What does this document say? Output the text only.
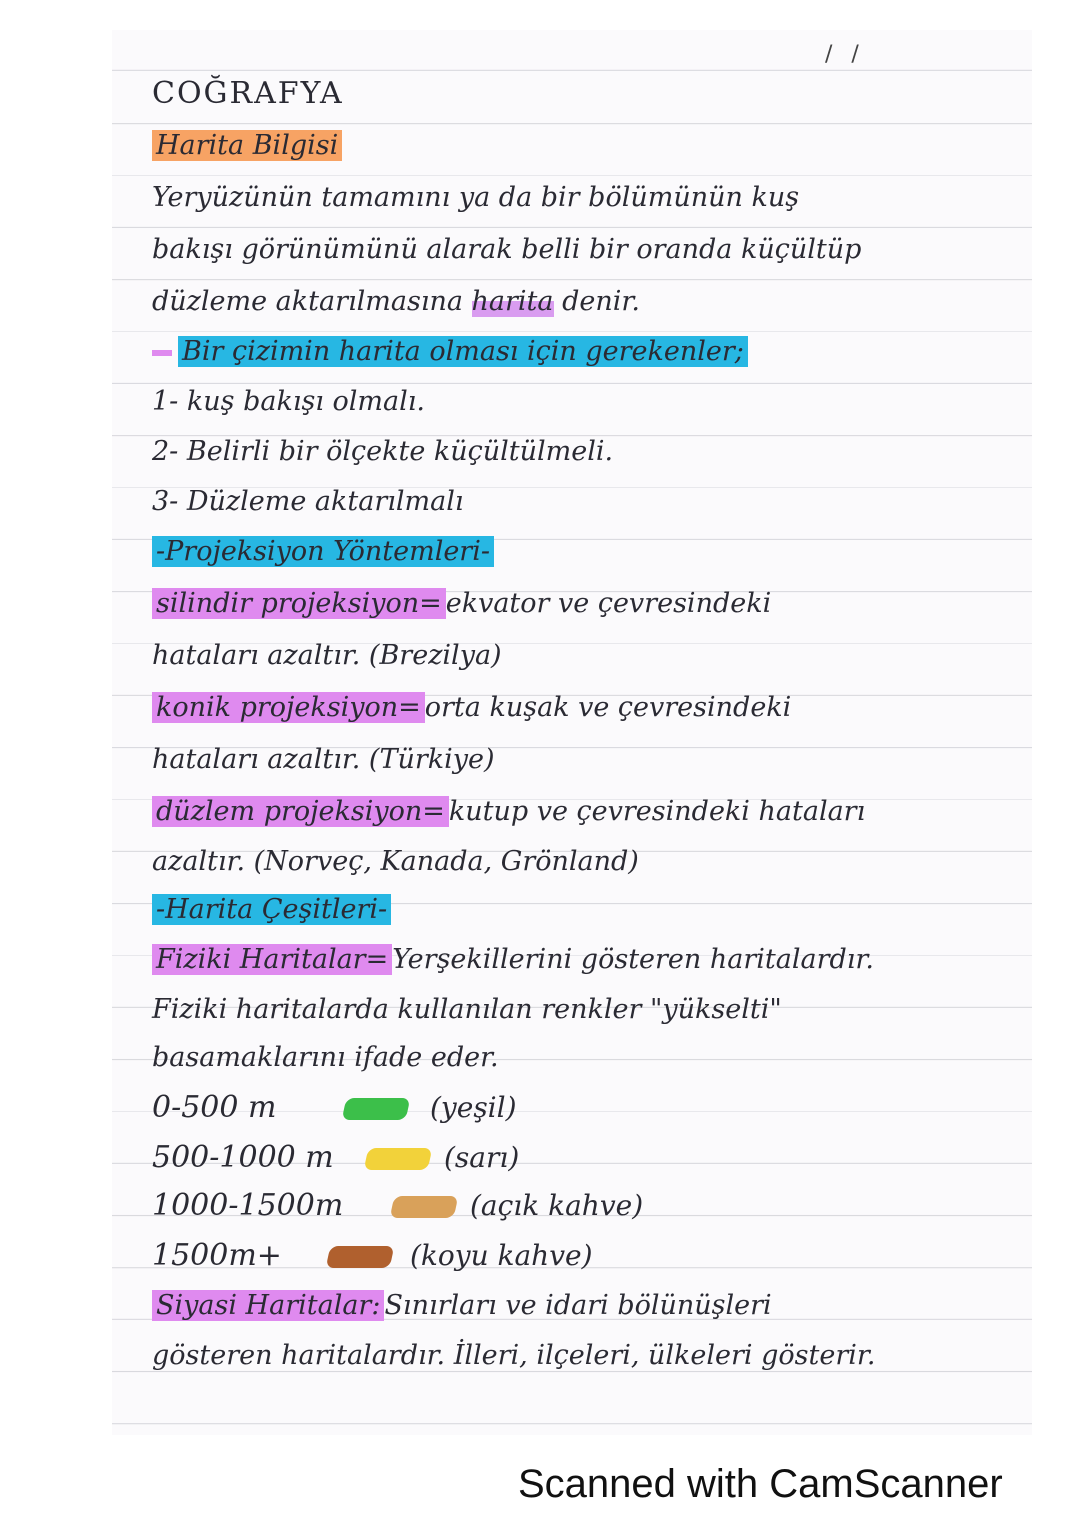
/ /
COĞRAFYA
Harita Bilgisi
Yeryüzünün tamamını ya da bir bölümünün kuş
bakışı görünümünü alarak belli bir oranda küçültüp
düzleme aktarılmasına harita denir.
Bir çizimin harita olması için gerekenler;
1- kuş bakışı olmalı.
2- Belirli bir ölçekte küçültülmeli.
3- Düzleme aktarılmalı
-Projeksiyon Yöntemleri-
silindir projeksiyon= ekvator ve çevresindeki
hataları azaltır. (Brezilya)
konik projeksiyon= orta kuşak ve çevresindeki
hataları azaltır. (Türkiye)
düzlem projeksiyon= kutup ve çevresindeki hataları
azaltır. (Norveç, Kanada, Grönland)
-Harita Çeşitleri-
Fiziki Haritalar= Yerşekillerini gösteren haritalardır.
Fiziki haritalarda kullanılan renkler "yükselti"
basamaklarını ifade eder.
0-500 m	(yeşil)
500-1000 m	(sarı)
1000-1500m	(açık kahve)
1500m+	(koyu kahve)
Siyasi Haritalar: Sınırları ve idari bölünüşleri
gösteren haritalardır. İlleri, ilçeleri, ülkeleri gösterir.
Scanned with CamScanner
